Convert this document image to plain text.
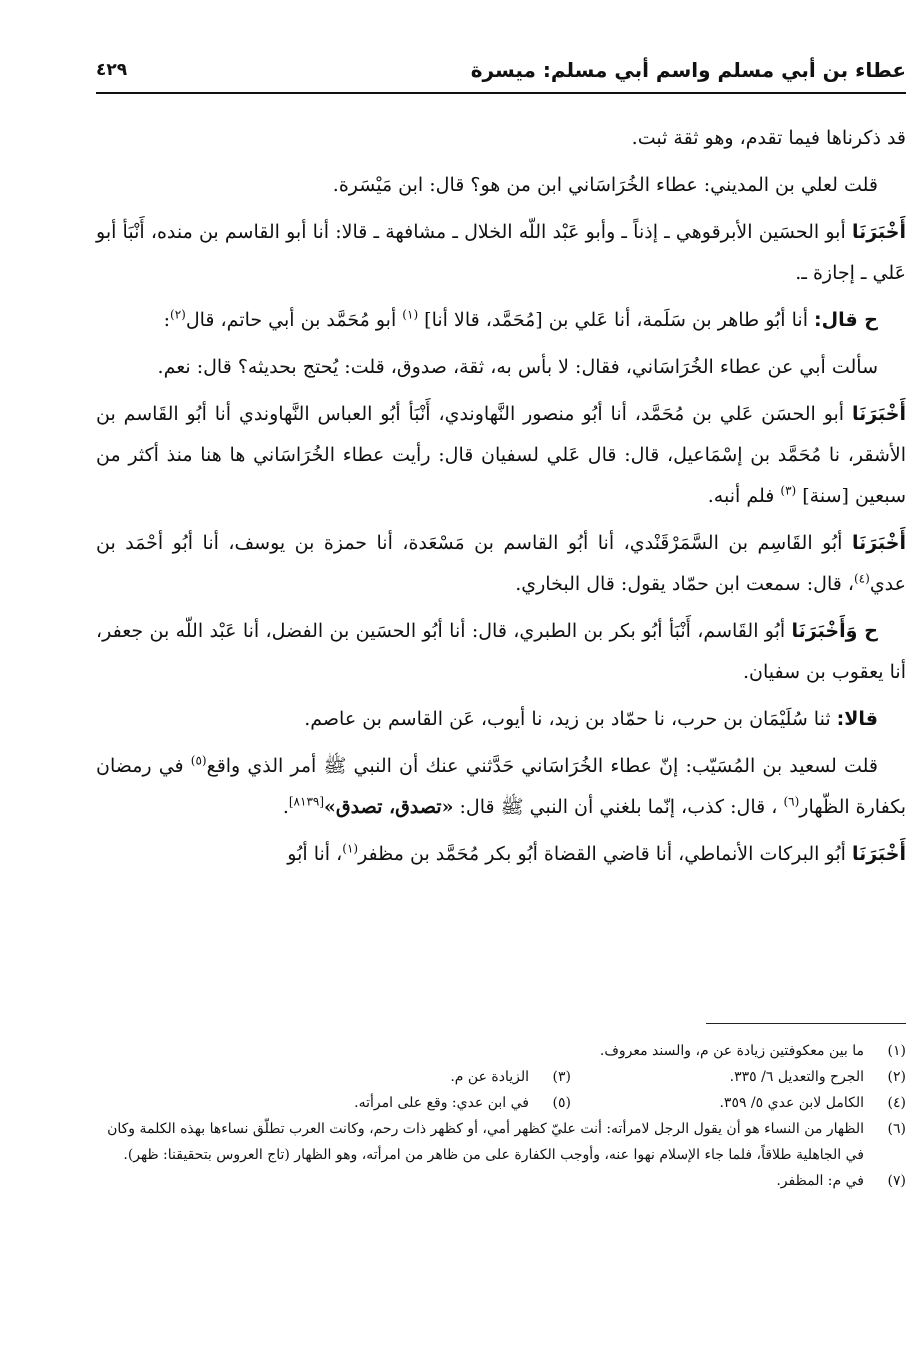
عطاء بن أبي مسلم واسم أبي مسلم: ميسرة
٤٢٩

قد ذكرناها فيما تقدم، وهو ثقة ثبت.

قلت لعلي بن المديني: عطاء الخُرَاسَاني ابن من هو؟ قال: ابن مَيْسَرة.

أَخْبَرَنَا أبو الحسَين الأبرقوهي ـ إذناً ـ وأبو عَبْد اللّه الخلال ـ مشافهة ـ قالا: أنا أبو القاسم بن منده، أَنْبَأ أبو عَلي ـ إجازة ـ.

ح قال: أنا أبُو طاهر بن سَلَمة، أنا عَلي بن [مُحَمَّد، قالا أنا] $^{(١)}$ أبو مُحَمَّد بن أبي حاتم، قال$^{(٢)}$:

سألت أبي عن عطاء الخُرَاسَاني، فقال: لا بأس به، ثقة، صدوق، قلت: يُحتج بحديثه؟ قال: نعم.

أَخْبَرَنَا أبو الحسَن عَلي بن مُحَمَّد، أنا أبُو منصور النَّهاوندي، أَنْبَأ أبُو العباس النَّهاوندي أنا أبُو القَاسم بن الأشقر، نا مُحَمَّد بن إسْمَاعيل، قال: قال عَلي لسفيان قال: رأيت عطاء الخُرَاسَاني ها هنا منذ أكثر من سبعين [سنة] $^{(٣)}$ فلم أنبه.

أَخْبَرَنَا أبُو القَاسِم بن السَّمَرْقَنْدي، أنا أبُو القاسم بن مَسْعَدة، أنا حمزة بن يوسف، أنا أبُو أحْمَد بن عدي$^{(٤)}$، قال: سمعت ابن حمّاد يقول: قال البخاري.

ح وَأَخْبَرَنَا أبُو القَاسم، أَنْبَأ أبُو بكر بن الطبري، قال: أنا أبُو الحسَين بن الفضل، أنا عَبْد اللّه بن جعفر، أنا يعقوب بن سفيان.

قالا: ثنا سُلَيْمَان بن حرب، نا حمّاد بن زيد، نا أيوب، عَن القاسم بن عاصم.

قلت لسعيد بن المُسَيّب: إنّ عطاء الخُرَاسَاني حَدَّثني عنك أن النبي ﷺ أمر الذي واقع$^{(٥)}$ في رمضان بكفارة الظّهار$^{(٦)}$ ، قال: كذب، إنّما بلغني أن النبي ﷺ قال: «تصدق، تصدق»[٨١٣٩].

أَخْبَرَنَا أبُو البركات الأنماطي، أنا قاضي القضاة أبُو بكر مُحَمَّد بن مظفر$^{(١)}$، أنا أبُو

(١)
ما بين معكوفتين زيادة عن م، والسند معروف.
(٢)
الجرح والتعديل ٦/ ٣٣٥.
(٣)
الزيادة عن م.
(٤)
الكامل لابن عدي ٥/ ٣٥٩.
(٥)
في ابن عدي: وقع على امرأته.
(٦)
الظهار من النساء هو أن يقول الرجل لامرأته: أنت عليّ كظهر أمي، أو كظهر ذات رحم، وكانت العرب تطلّق نساءها بهذه الكلمة وكان في الجاهلية طلاقاً، فلما جاء الإسلام نهوا عنه، وأوجب الكفارة على من ظاهر من امرأته، وهو الظهار (تاج العروس بتحقيقنا: ظهر).
(٧)
في م: المظفر.
